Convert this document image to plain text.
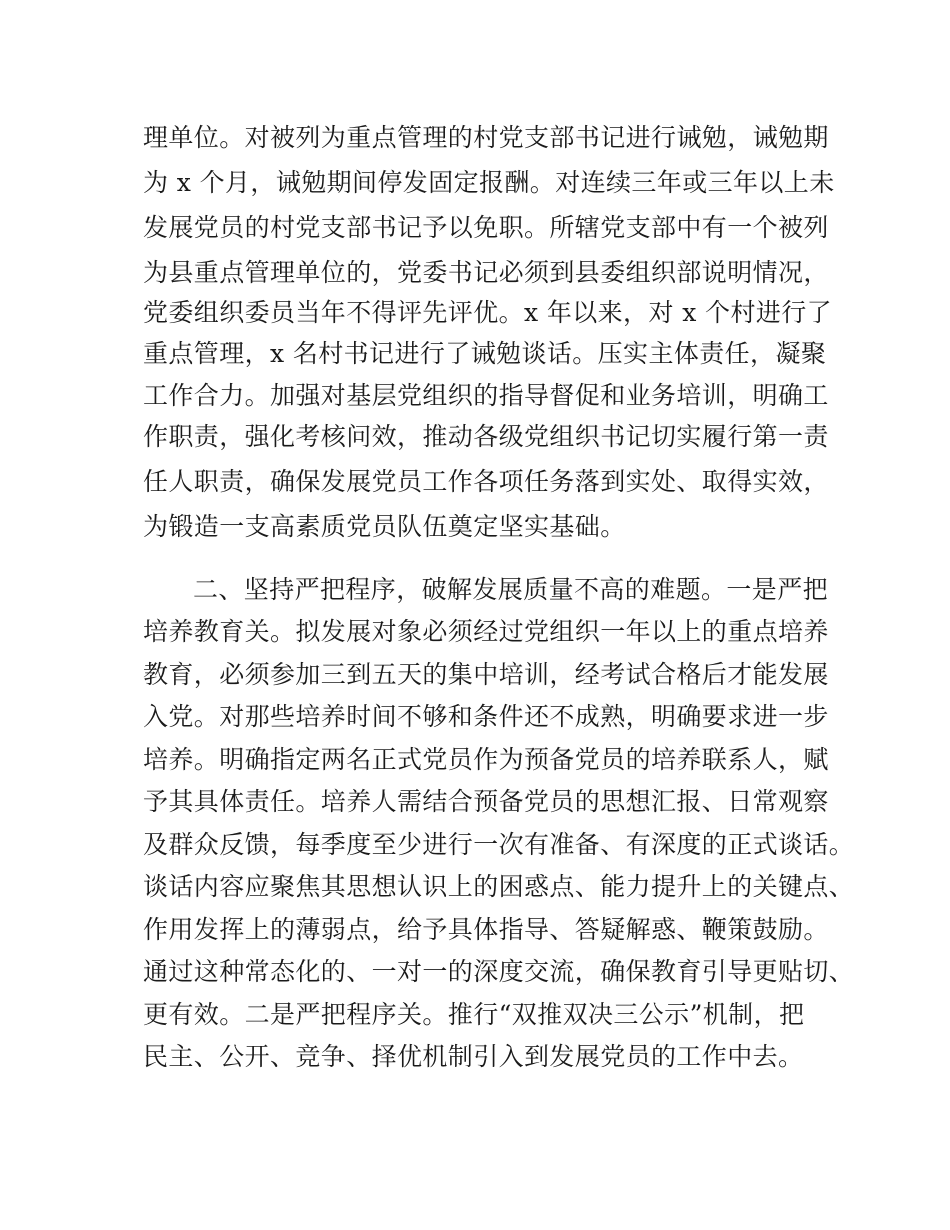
理单位。对被列为重点管理的村党支部书记进行诫勉，诫勉期
为 x 个月，诫勉期间停发固定报酬。对连续三年或三年以上未
发展党员的村党支部书记予以免职。所辖党支部中有一个被列
为县重点管理单位的，党委书记必须到县委组织部说明情况，
党委组织委员当年不得评先评优。x 年以来，对 x 个村进行了
重点管理，x 名村书记进行了诫勉谈话。压实主体责任，凝聚
工作合力。加强对基层党组织的指导督促和业务培训，明确工
作职责，强化考核问效，推动各级党组织书记切实履行第一责
任人职责，确保发展党员工作各项任务落到实处、取得实效，
为锻造一支高素质党员队伍奠定坚实基础。
二、坚持严把程序，破解发展质量不高的难题。一是严把
培养教育关。拟发展对象必须经过党组织一年以上的重点培养
教育，必须参加三到五天的集中培训，经考试合格后才能发展
入党。对那些培养时间不够和条件还不成熟，明确要求进一步
培养。明确指定两名正式党员作为预备党员的培养联系人，赋
予其具体责任。培养人需结合预备党员的思想汇报、日常观察
及群众反馈，每季度至少进行一次有准备、有深度的正式谈话。
谈话内容应聚焦其思想认识上的困惑点、能力提升上的关键点、
作用发挥上的薄弱点，给予具体指导、答疑解惑、鞭策鼓励。
通过这种常态化的、一对一的深度交流，确保教育引导更贴切、
更有效。二是严把程序关。推行“双推双决三公示”机制，把
民主、公开、竞争、择优机制引入到发展党员的工作中去。
